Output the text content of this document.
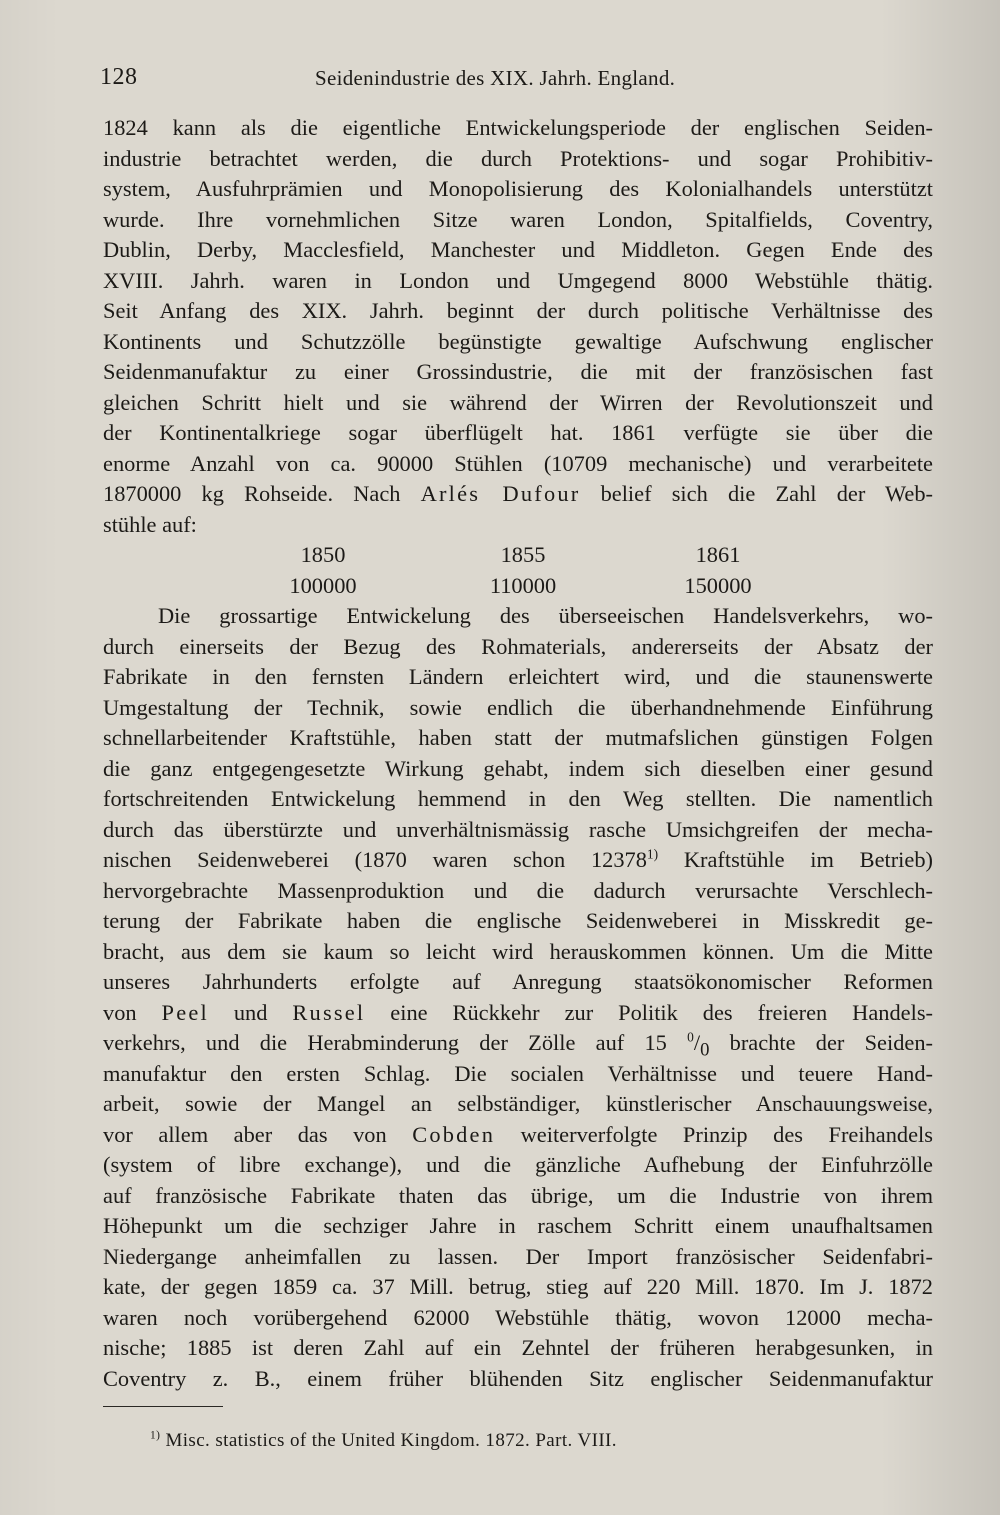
128	Seidenindustrie des XIX. Jahrh. England.
1824 kann als die eigentliche Entwickelungsperiode der englischen Seiden-
industrie betrachtet werden, die durch Protektions- und sogar Prohibitiv-
system, Ausfuhrprämien und Monopolisierung des Kolonialhandels unterstützt
wurde. Ihre vornehmlichen Sitze waren London, Spitalfields, Coventry,
Dublin, Derby, Macclesfield, Manchester und Middleton. Gegen Ende des
XVIII. Jahrh. waren in London und Umgegend 8000 Webstühle thätig.
Seit Anfang des XIX. Jahrh. beginnt der durch politische Verhältnisse des
Kontinents und Schutzzölle begünstigte gewaltige Aufschwung englischer
Seidenmanufaktur zu einer Grossindustrie, die mit der französischen fast
gleichen Schritt hielt und sie während der Wirren der Revolutionszeit und
der Kontinentalkriege sogar überflügelt hat. 1861 verfügte sie über die
enorme Anzahl von ca. 90000 Stühlen (10709 mechanische) und verarbeitete
1870000 kg Rohseide. Nach Arlés Dufour belief sich die Zahl der Web-
stühle auf:
1850	1855	1861
100000	110000	150000
Die grossartige Entwickelung des überseeischen Handelsverkehrs, wo-
durch einerseits der Bezug des Rohmaterials, andererseits der Absatz der
Fabrikate in den fernsten Ländern erleichtert wird, und die staunenswerte
Umgestaltung der Technik, sowie endlich die überhandnehmende Einführung
schnellarbeitender Kraftstühle, haben statt der mutmafslichen günstigen Folgen
die ganz entgegengesetzte Wirkung gehabt, indem sich dieselben einer gesund
fortschreitenden Entwickelung hemmend in den Weg stellten. Die namentlich
durch das überstürzte und unverhältnismässig rasche Umsichgreifen der mecha-
nischen Seidenweberei (1870 waren schon 12378$^{1)}$ Kraftstühle im Betrieb)
hervorgebrachte Massenproduktion und die dadurch verursachte Verschlech-
terung der Fabrikate haben die englische Seidenweberei in Misskredit ge-
bracht, aus dem sie kaum so leicht wird herauskommen können. Um die Mitte
unseres Jahrhunderts erfolgte auf Anregung staatsökonomischer Reformen
von Peel und Russel eine Rückkehr zur Politik des freieren Handels-
verkehrs, und die Herabminderung der Zölle auf 15 $^0/_0$ brachte der Seiden-
manufaktur den ersten Schlag. Die socialen Verhältnisse und teuere Hand-
arbeit, sowie der Mangel an selbständiger, künstlerischer Anschauungsweise,
vor allem aber das von Cobden weiterverfolgte Prinzip des Freihandels
(system of libre exchange), und die gänzliche Aufhebung der Einfuhrzölle
auf französische Fabrikate thaten das übrige, um die Industrie von ihrem
Höhepunkt um die sechziger Jahre in raschem Schritt einem unaufhaltsamen
Niedergange anheimfallen zu lassen. Der Import französischer Seidenfabri-
kate, der gegen 1859 ca. 37 Mill. betrug, stieg auf 220 Mill. 1870. Im J. 1872
waren noch vorübergehend 62000 Webstühle thätig, wovon 12000 mecha-
nische; 1885 ist deren Zahl auf ein Zehntel der früheren herabgesunken, in
Coventry z. B., einem früher blühenden Sitz englischer Seidenmanufaktur
$^{1)}$ Misc. statistics of the United Kingdom. 1872. Part. VIII.
